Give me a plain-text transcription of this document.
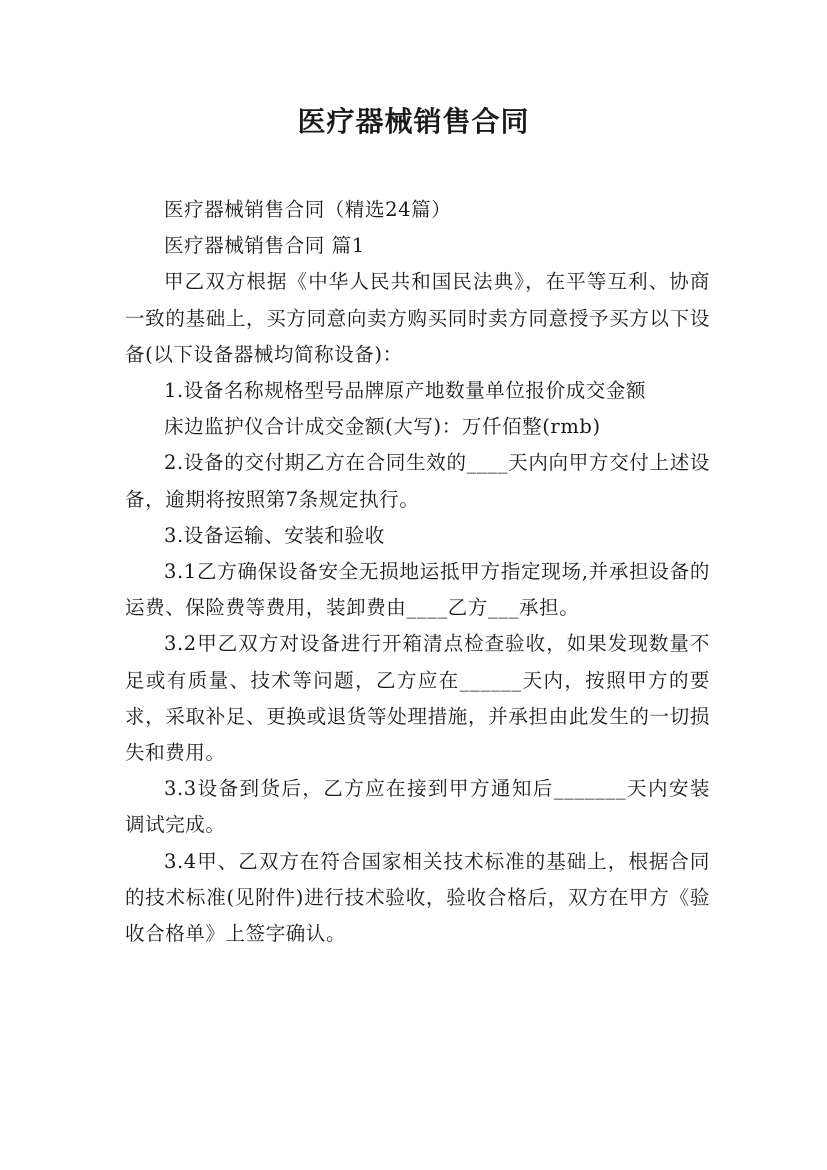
医疗器械销售合同

医疗器械销售合同（精选24篇）

医疗器械销售合同 篇1

甲乙双方根据《中华人民共和国民法典》，在平等互利、协商一致的基础上，买方同意向卖方购买同时卖方同意授予买方以下设备(以下设备器械均简称设备)：

1.设备名称规格型号品牌原产地数量单位报价成交金额

床边监护仪合计成交金额(大写)：万仟佰整(rmb)

2.设备的交付期乙方在合同生效的____天内向甲方交付上述设备，逾期将按照第7条规定执行。

3.设备运输、安装和验收

3.1乙方确保设备安全无损地运抵甲方指定现场,并承担设备的运费、保险费等费用，装卸费由____乙方___承担。

3.2甲乙双方对设备进行开箱清点检查验收，如果发现数量不足或有质量、技术等问题，乙方应在______天内，按照甲方的要求，采取补足、更换或退货等处理措施，并承担由此发生的一切损失和费用。

3.3设备到货后，乙方应在接到甲方通知后_______天内安装调试完成。

3.4甲、乙双方在符合国家相关技术标准的基础上，根据合同的技术标准(见附件)进行技术验收，验收合格后，双方在甲方《验收合格单》上签字确认。
